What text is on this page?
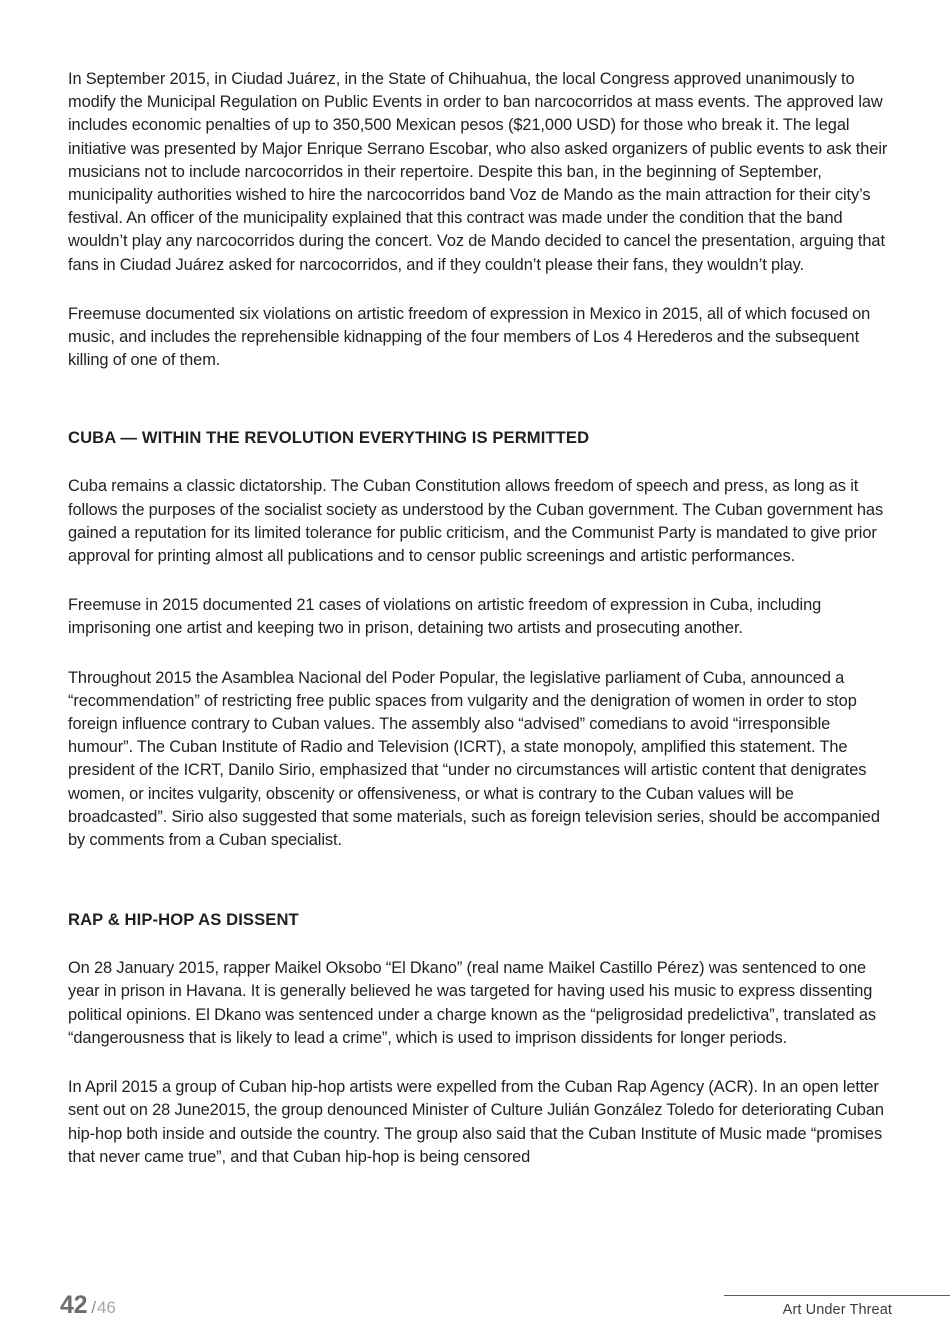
In September 2015, in Ciudad Juárez, in the State of Chihuahua, the local Congress approved unanimously to modify the Municipal Regulation on Public Events in order to ban narcocorridos at mass events. The approved law includes economic penalties of up to 350,500 Mexican pesos ($21,000 USD) for those who break it. The legal initiative was presented by Major Enrique Serrano Escobar, who also asked organizers of public events to ask their musicians not to include narcocorridos in their repertoire. Despite this ban, in the beginning of September, municipality authorities wished to hire the narcocorridos band Voz de Mando as the main attraction for their city’s festival. An officer of the municipality explained that this contract was made under the condition that the band wouldn’t play any narcocorridos during the concert. Voz de Mando decided to cancel the presentation, arguing that fans in Ciudad Juárez asked for narcocorridos, and if they couldn’t please their fans, they wouldn’t play.

Freemuse documented six violations on artistic freedom of expression in Mexico in 2015, all of which focused on music, and includes the reprehensible kidnapping of the four members of Los 4 Herederos and the subsequent killing of one of them.

CUBA — WITHIN THE REVOLUTION EVERYTHING IS PERMITTED

Cuba remains a classic dictatorship. The Cuban Constitution allows freedom of speech and press, as long as it follows the purposes of the socialist society as understood by the Cuban government. The Cuban government has gained a reputation for its limited tolerance for public criticism, and the Communist Party is mandated to give prior approval for printing almost all publications and to censor public screenings and artistic performances.

Freemuse in 2015 documented 21 cases of violations on artistic freedom of expression in Cuba, including imprisoning one artist and keeping two in prison, detaining two artists and prosecuting another.

Throughout 2015 the Asamblea Nacional del Poder Popular, the legislative parliament of Cuba, announced a “recommendation” of restricting free public spaces from vulgarity and the denigration of women in order to stop foreign influence contrary to Cuban values. The assembly also “advised” comedians to avoid “irresponsible humour”. The Cuban Institute of Radio and Television (ICRT), a state monopoly, amplified this statement. The president of the ICRT, Danilo Sirio, emphasized that “under no circumstances will artistic content that denigrates women, or incites vulgarity, obscenity or offensiveness, or what is contrary to the Cuban values will be broadcasted”. Sirio also suggested that some materials, such as foreign television series, should be accompanied by comments from a Cuban specialist.

RAP & HIP-HOP AS DISSENT

On 28 January 2015, rapper Maikel Oksobo “El Dkano” (real name Maikel Castillo Pérez) was sentenced to one year in prison in Havana. It is generally believed he was targeted for having used his music to express dissenting political opinions. El Dkano was sentenced under a charge known as the “peligrosidad predelictiva”, translated as “dangerousness that is likely to lead a crime”, which is used to imprison dissidents for longer periods.

In April 2015 a group of Cuban hip-hop artists were expelled from the Cuban Rap Agency (ACR). In an open letter sent out on 28 June2015, the group denounced Minister of Culture Julián González Toledo for deteriorating Cuban hip-hop both inside and outside the country. The group also said that the Cuban Institute of Music made “promises that never came true”, and that Cuban hip-hop is being censored

42 /46	Art Under Threat
